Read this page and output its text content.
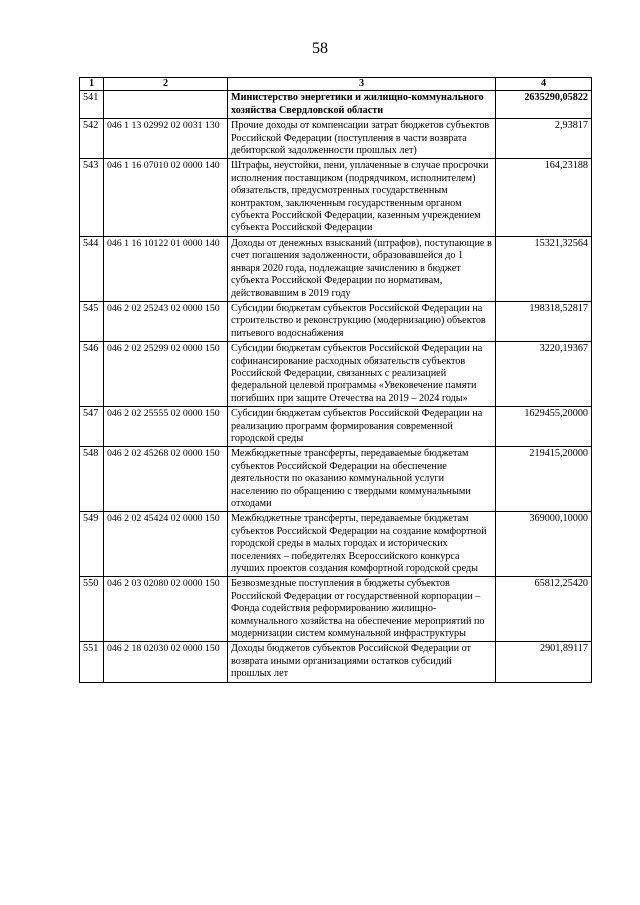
58
1	2	3	4
541		Министерство энергетики и жилищно-коммунального хозяйства Свердловской области	2635290,05822
542	046 1 13 02992 02 0031 130	Прочие доходы от компенсации затрат бюджетов субъектов Российской Федерации (поступления в части возврата дебиторской задолженности прошлых лет)	2,93817
543	046 1 16 07010 02 0000 140	Штрафы, неустойки, пени, уплаченные в случае просрочки исполнения поставщиком (подрядчиком, исполнителем) обязательств, предусмотренных государственным контрактом, заключенным государственным органом субъекта Российской Федерации, казенным учреждением субъекта Российской Федерации	164,23188
544	046 1 16 10122 01 0000 140	Доходы от денежных взысканий (штрафов), поступающие в счет погашения задолженности, образовавшейся до 1 января 2020 года, подлежащие зачислению в бюджет субъекта Российской Федерации по нормативам, действовавшим в 2019 году	15321,32564
545	046 2 02 25243 02 0000 150	Субсидии бюджетам субъектов Российской Федерации на строительство и реконструкцию (модернизацию) объектов питьевого водоснабжения	198318,52817
546	046 2 02 25299 02 0000 150	Субсидии бюджетам субъектов Российской Федерации на софинансирование расходных обязательств субъектов Российской Федерации, связанных с реализацией федеральной целевой программы «Увековечение памяти погибших при защите Отечества на 2019 – 2024 годы»	3220,19367
547	046 2 02 25555 02 0000 150	Субсидии бюджетам субъектов Российской Федерации на реализацию программ формирования современной городской среды	1629455,20000
548	046 2 02 45268 02 0000 150	Межбюджетные трансферты, передаваемые бюджетам субъектов Российской Федерации на обеспечение деятельности по оказанию коммунальной услуги населению по обращению с твердыми коммунальными отходами	219415,20000
549	046 2 02 45424 02 0000 150	Межбюджетные трансферты, передаваемые бюджетам субъектов Российской Федерации на создание комфортной городской среды в малых городах и исторических поселениях – победителях Всероссийского конкурса лучших проектов создания комфортной городской среды	369000,10000
550	046 2 03 02080 02 0000 150	Безвозмездные поступления в бюджеты субъектов Российской Федерации от государственной корпорации – Фонда содействия реформированию жилищно-коммунального хозяйства на обеспечение мероприятий по модернизации систем коммунальной инфраструктуры	65812,25420
551	046 2 18 02030 02 0000 150	Доходы бюджетов субъектов Российской Федерации от возврата иными организациями остатков субсидий прошлых лет	2901,89117
